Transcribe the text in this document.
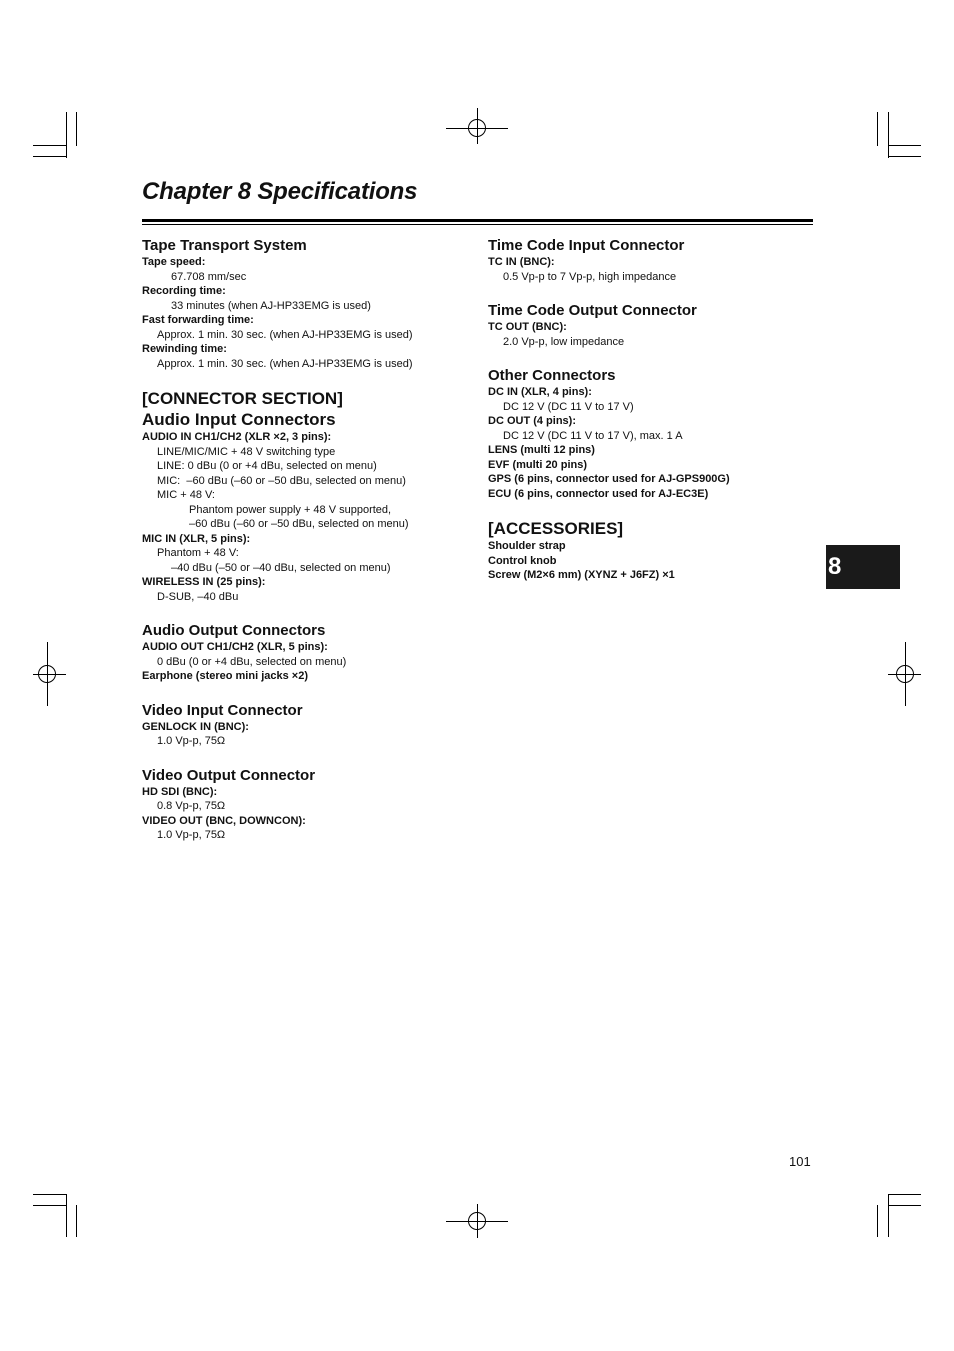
Chapter 8 Specifications
Tape Transport System
Tape speed:
67.708 mm/sec
Recording time:
33 minutes (when AJ-HP33EMG is used)
Fast forwarding time:
Approx. 1 min. 30 sec. (when AJ-HP33EMG is used)
Rewinding time:
Approx. 1 min. 30 sec. (when AJ-HP33EMG is used)
[CONNECTOR SECTION]
Audio Input Connectors
AUDIO IN CH1/CH2 (XLR ×2, 3 pins):
LINE/MIC/MIC + 48 V switching type
LINE: 0 dBu (0 or +4 dBu, selected on menu)
MIC:  –60 dBu (–60 or –50 dBu, selected on menu)
MIC + 48 V:
Phantom power supply + 48 V supported,
–60 dBu (–60 or –50 dBu, selected on menu)
MIC IN (XLR, 5 pins):
Phantom + 48 V:
–40 dBu (–50 or –40 dBu, selected on menu)
WIRELESS IN (25 pins):
D-SUB, –40 dBu
Audio Output Connectors
AUDIO OUT CH1/CH2 (XLR, 5 pins):
0 dBu (0 or +4 dBu, selected on menu)
Earphone (stereo mini jacks ×2)
Video Input Connector
GENLOCK IN (BNC):
1.0 Vp-p, 75Ω
Video Output Connector
HD SDI (BNC):
0.8 Vp-p, 75Ω
VIDEO OUT (BNC, DOWNCON):
1.0 Vp-p, 75Ω
Time Code Input Connector
TC IN (BNC):
0.5 Vp-p to 7 Vp-p, high impedance
Time Code Output Connector
TC OUT (BNC):
2.0 Vp-p, low impedance
Other Connectors
DC IN (XLR, 4 pins):
DC 12 V (DC 11 V to 17 V)
DC OUT (4 pins):
DC 12 V (DC 11 V to 17 V), max. 1 A
LENS (multi 12 pins)
EVF (multi 20 pins)
GPS (6 pins, connector used for AJ-GPS900G)
ECU (6 pins, connector used for AJ-EC3E)
[ACCESSORIES]
Shoulder strap
Control knob
Screw (M2×6 mm) (XYNZ + J6FZ) ×1	8
101
